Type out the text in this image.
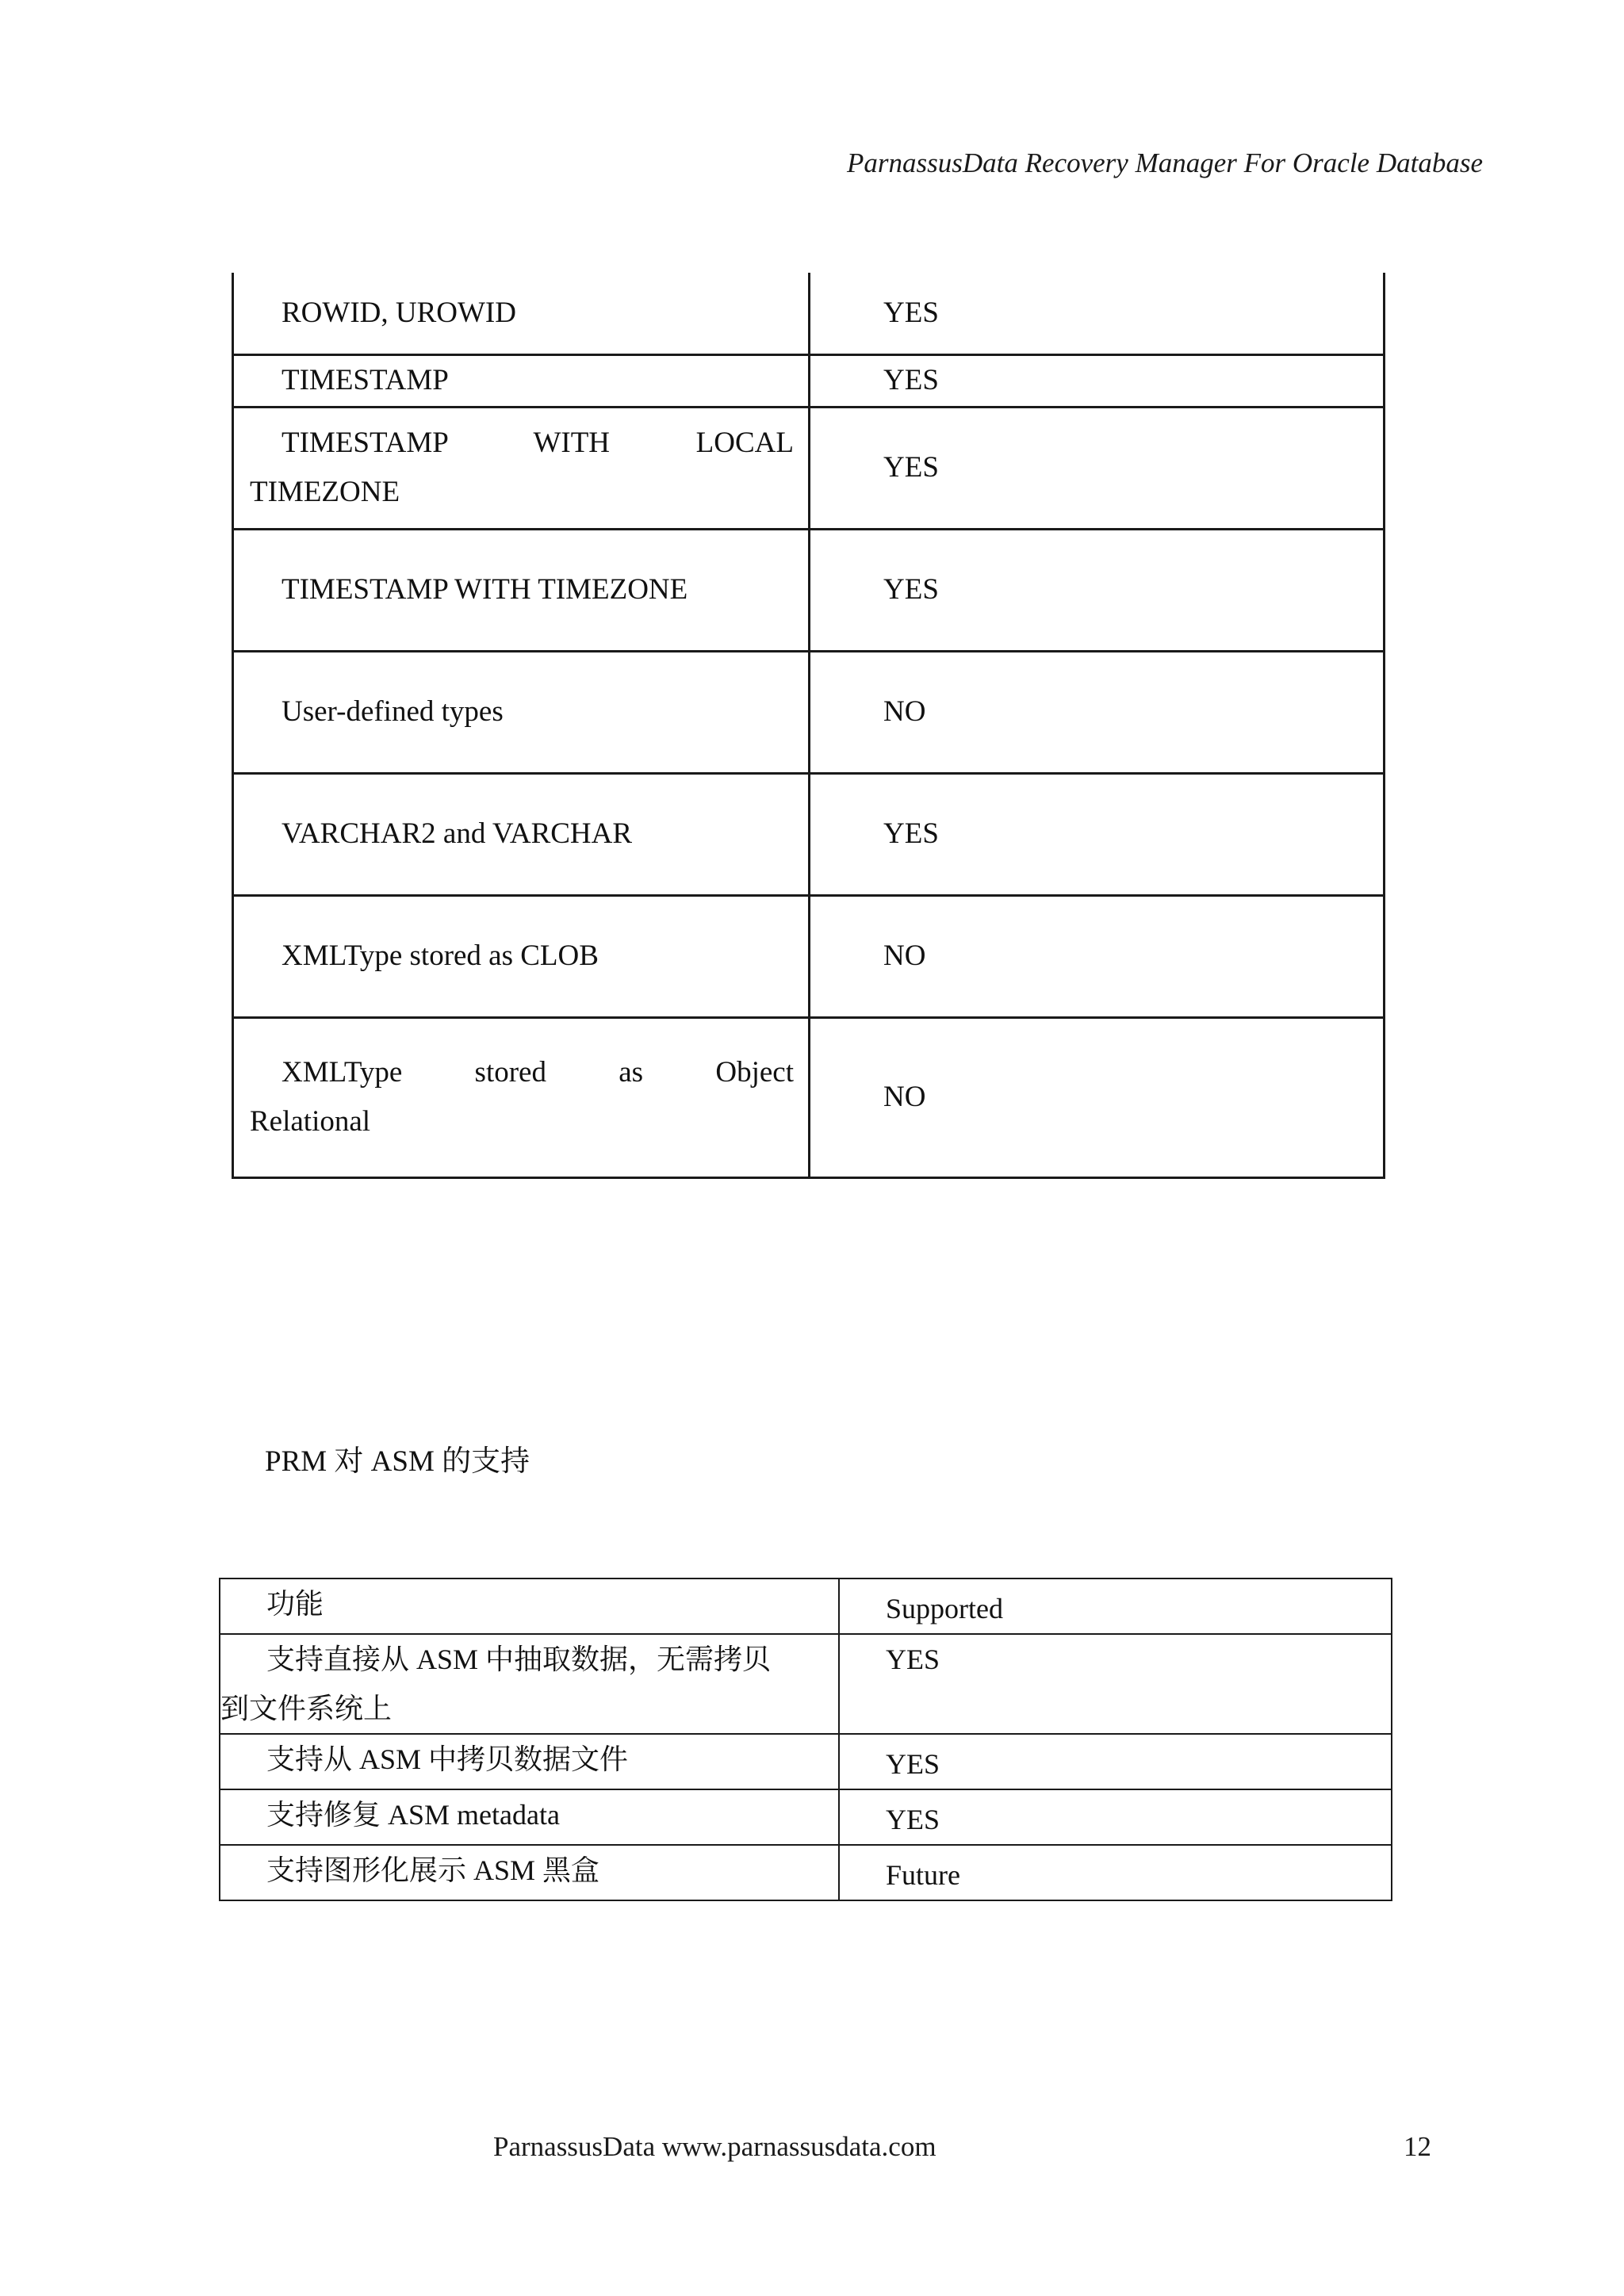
ParnassusData Recovery Manager For Oracle Database
ROWID, UROWID	YES

TIMESTAMP	YES

TIMESTAMP WITH LOCAL
TIMEZONE	YES

TIMESTAMP WITH TIMEZONE	YES

User-defined types	NO

VARCHAR2 and VARCHAR	YES

XMLType stored as CLOB	NO

XMLType stored as Object
Relational	NO
PRM 对 ASM 的支持
功能	Supported

支持直接从 ASM 中抽取数据，无需拷贝
到文件系统上	YES
支持从 ASM 中拷贝数据文件	YES
支持修复 ASM metadata	YES
支持图形化展示 ASM 黑盒	Future
ParnassusData www.parnassusdata.com	12
